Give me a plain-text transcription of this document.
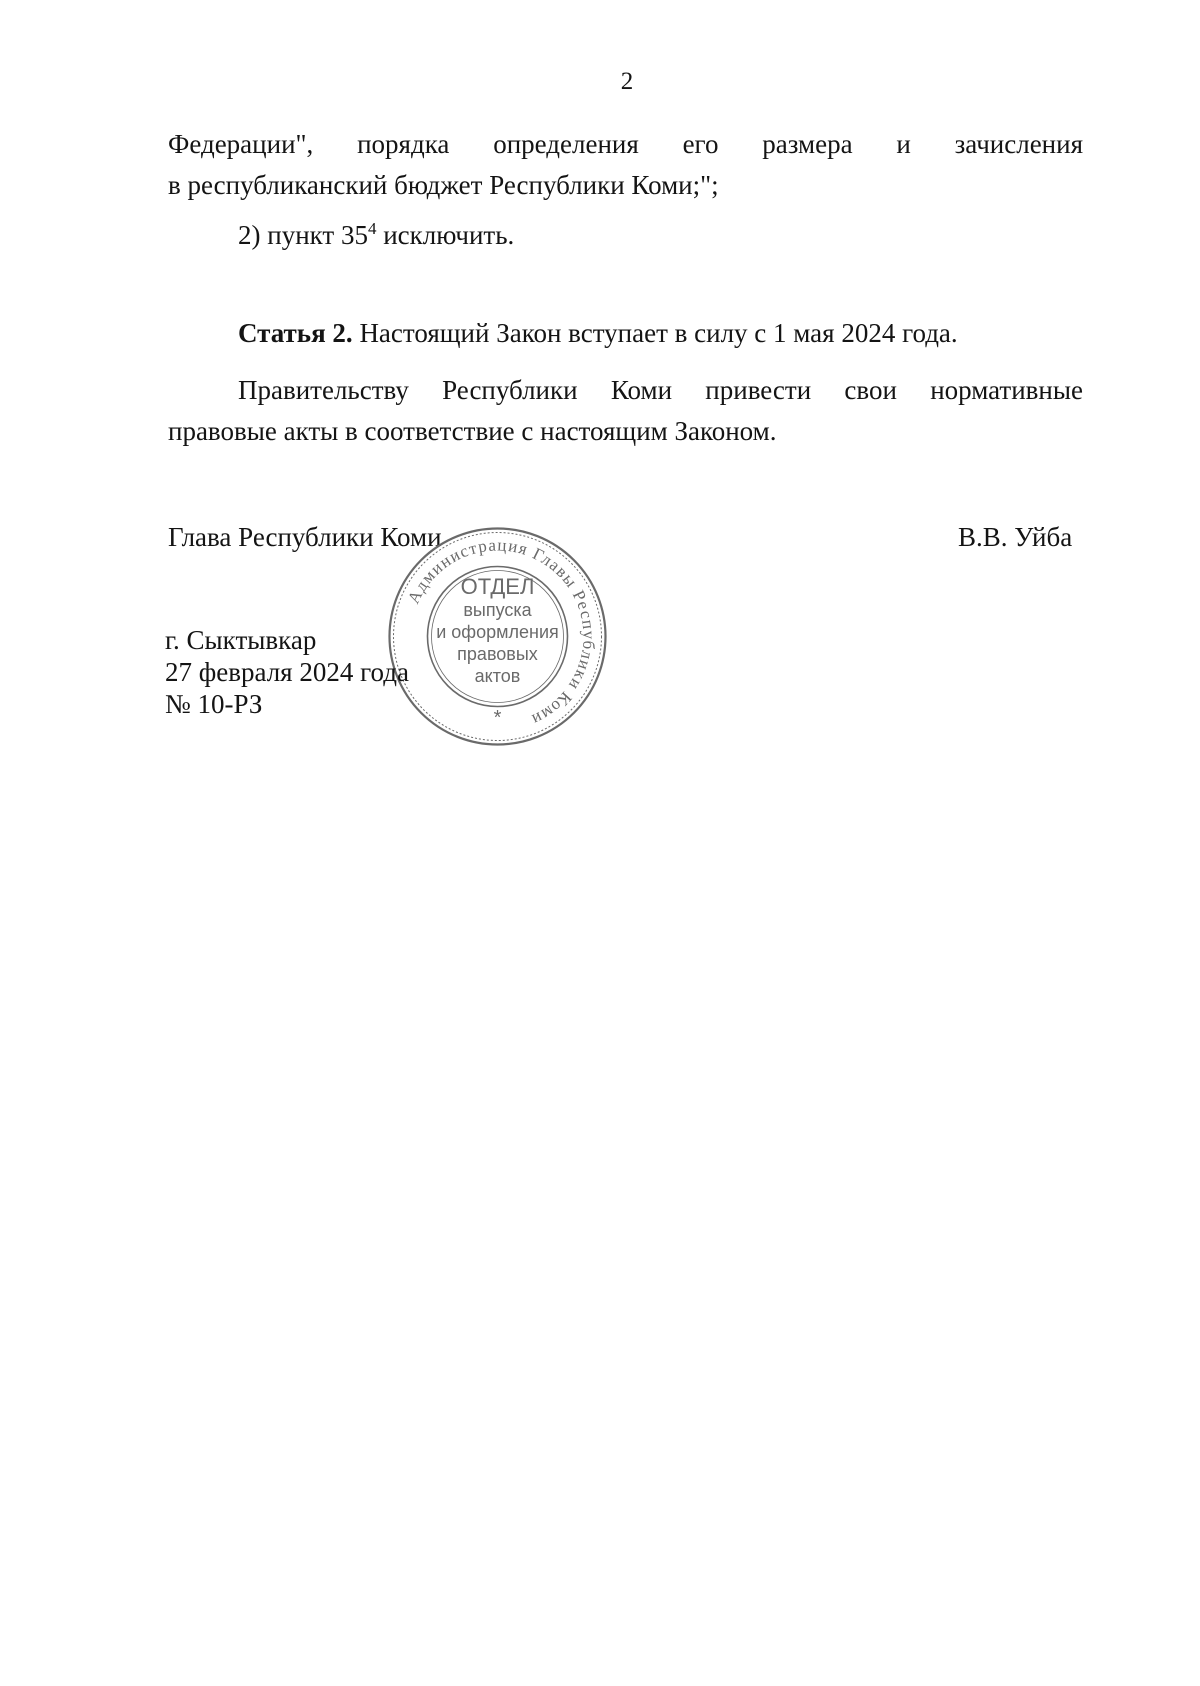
2
Федерации", порядка определения его размера и зачисления
в республиканский бюджет Республики Коми;";
2) пункт $35^4$ исключить.
Статья 2. Настоящий Закон вступает в силу с 1 мая 2024 года.
Правительству Республики Коми привести свои нормативные
правовые акты в соответствие с настоящим Законом.
Глава Республики Коми	В.В. Уйба
Администрация Главы Республики Коми
ОТДЕЛ
выпуска
и оформления
правовых
актов
*
г. Сыктывкар
27 февраля 2024 года
№ 10-РЗ
